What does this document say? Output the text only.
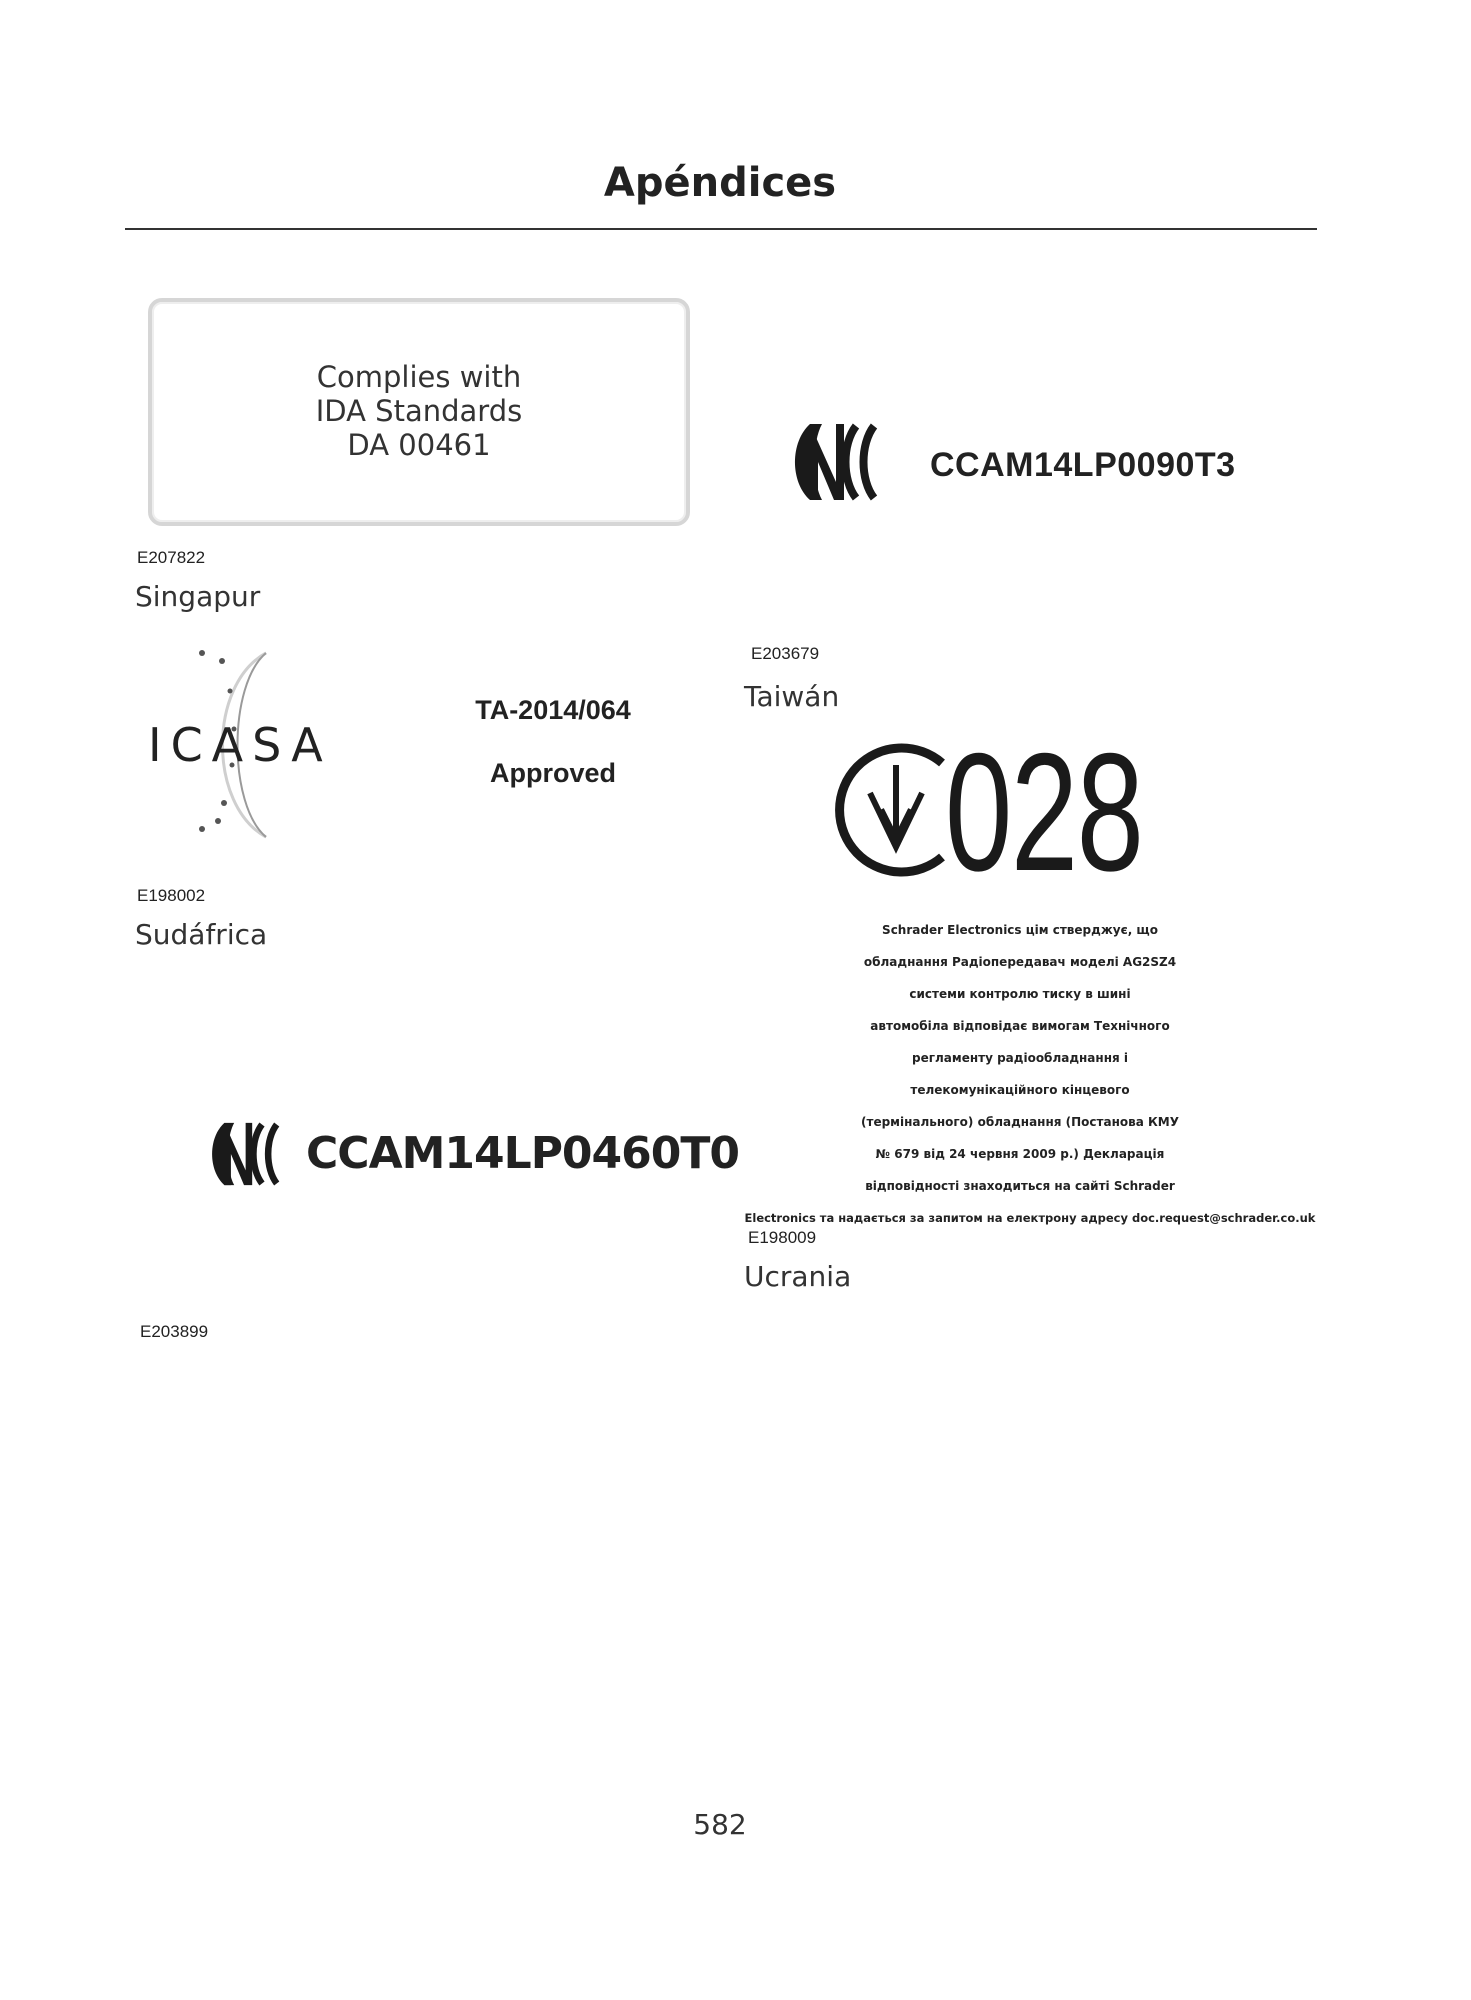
Apéndices
Complies with
IDA Standards
DA 00461
E207822
Singapur
CCAM14LP0090T3
E203679
Taiwán
ICASA
TA-2014/064
Approved
E198002
Sudáfrica
028
Schrader Electronics цім стверджує, що
обладнання Радіопередавач моделі AG2SZ4
системи контролю тиску в шині
автомобіла відповідає вимогам Технічного
регламенту радіообладнання і
телекомунікаційного кінцевого
(термінального) обладнання (Постанова КМУ
№ 679 від 24 червня 2009 р.) Декларація
відповідності знаходиться на сайті Schrader
Electronics та надається за запитом на електрону адресу doc.request@schrader.co.uk
E198009
Ucrania
CCAM14LP0460T0
E203899
582
